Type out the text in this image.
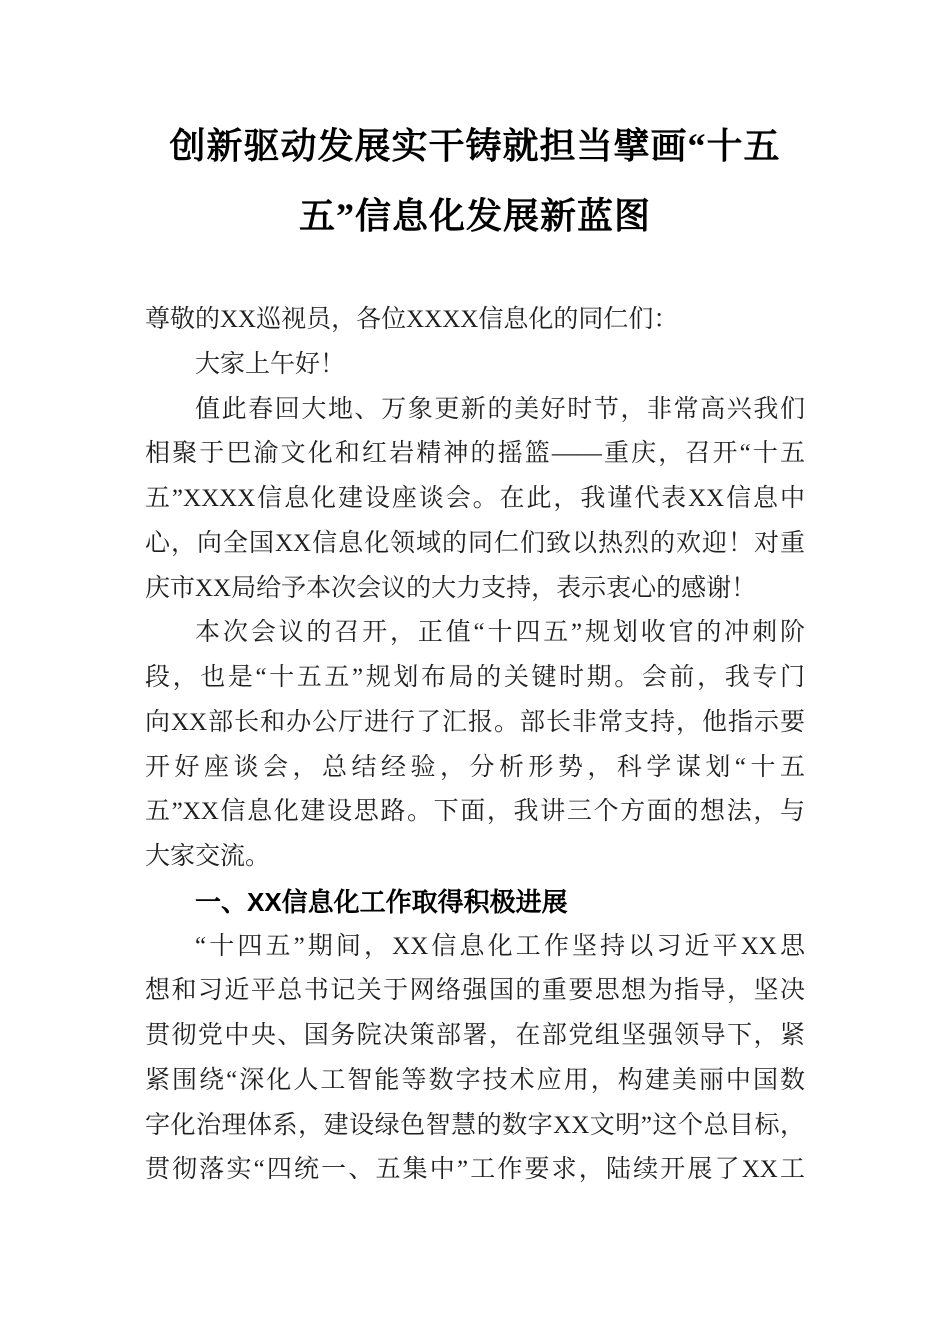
创新驱动发展实干铸就担当擘画“十五
五”信息化发展新蓝图
尊敬的XX巡视员，各位XXXX信息化的同仁们：
大家上午好！
值此春回大地、万象更新的美好时节，非常高兴我们
相聚于巴渝文化和红岩精神的摇篮——重庆，召开“十五
五”XXXX信息化建设座谈会。在此，我谨代表XX信息中
心，向全国XX信息化领域的同仁们致以热烈的欢迎！对重
庆市XX局给予本次会议的大力支持，表示衷心的感谢！
本次会议的召开，正值“十四五”规划收官的冲刺阶
段，也是“十五五”规划布局的关键时期。会前，我专门
向XX部长和办公厅进行了汇报。部长非常支持，他指示要
开好座谈会，总结经验，分析形势，科学谋划“十五
五”XX信息化建设思路。下面，我讲三个方面的想法，与
大家交流。
一、XX信息化工作取得积极进展
“十四五”期间，XX信息化工作坚持以习近平XX思
想和习近平总书记关于网络强国的重要思想为指导，坚决
贯彻党中央、国务院决策部署，在部党组坚强领导下，紧
紧围绕“深化人工智能等数字技术应用，构建美丽中国数
字化治理体系，建设绿色智慧的数字XX文明”这个总目标，
贯彻落实“四统一、五集中”工作要求，陆续开展了XX工
